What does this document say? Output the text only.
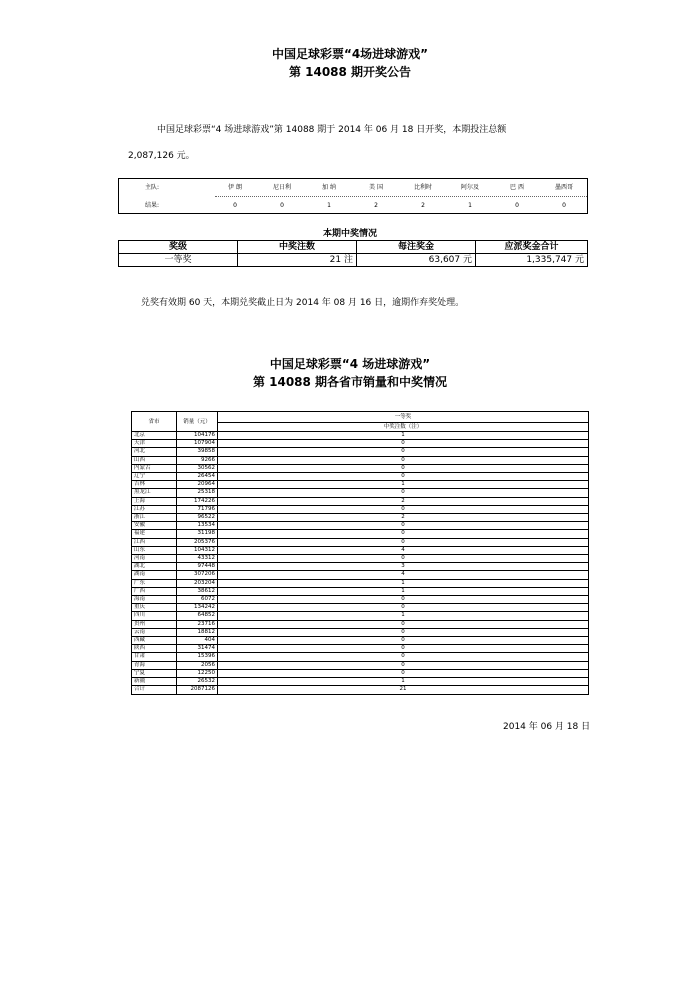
中国足球彩票“4场进球游戏”
第 14088 期开奖公告
中国足球彩票“4 场进球游戏”第 14088 期于 2014 年 06 月 18 日开奖，本期投注总额
2,087,126 元。
主队:	伊 朗	尼日利	加 纳	美 国	比利时	阿尔及	巴 西	墨西哥
结果:	0	0	1	2	2	1	0	0
本期中奖情况
奖级	中奖注数	每注奖金	应派奖金合计
一等奖	21 注	63,607 元	1,335,747 元
兑奖有效期 60 天，本期兑奖截止日为 2014 年 08 月 16 日，逾期作弃奖处理。
中国足球彩票“4 场进球游戏”
第 14088 期各省市销量和中奖情况
省市	销量（元）	一等奖
		中奖注数（注）
北京	104176	1
天津	107904	0
河北	39858	0
山西	9266	0
内蒙古	30562	0
辽宁	26454	0
吉林	20964	1
黑龙江	25318	0
上海	174226	2
江苏	71796	0
浙江	96522	2
安徽	13534	0
福建	31198	0
江西	205376	0
山东	104312	4
河南	43312	0
湖北	97448	3
湖南	307206	4
广东	203204	1
广西	38612	1
海南	6072	0
重庆	134242	0
四川	64852	1
贵州	23716	0
云南	18812	0
西藏	404	0
陕西	31474	0
甘肃	15396	0
青海	2056	0
宁夏	12250	0
新疆	26532	1
合计	2087126	21
2014 年 06 月 18 日
